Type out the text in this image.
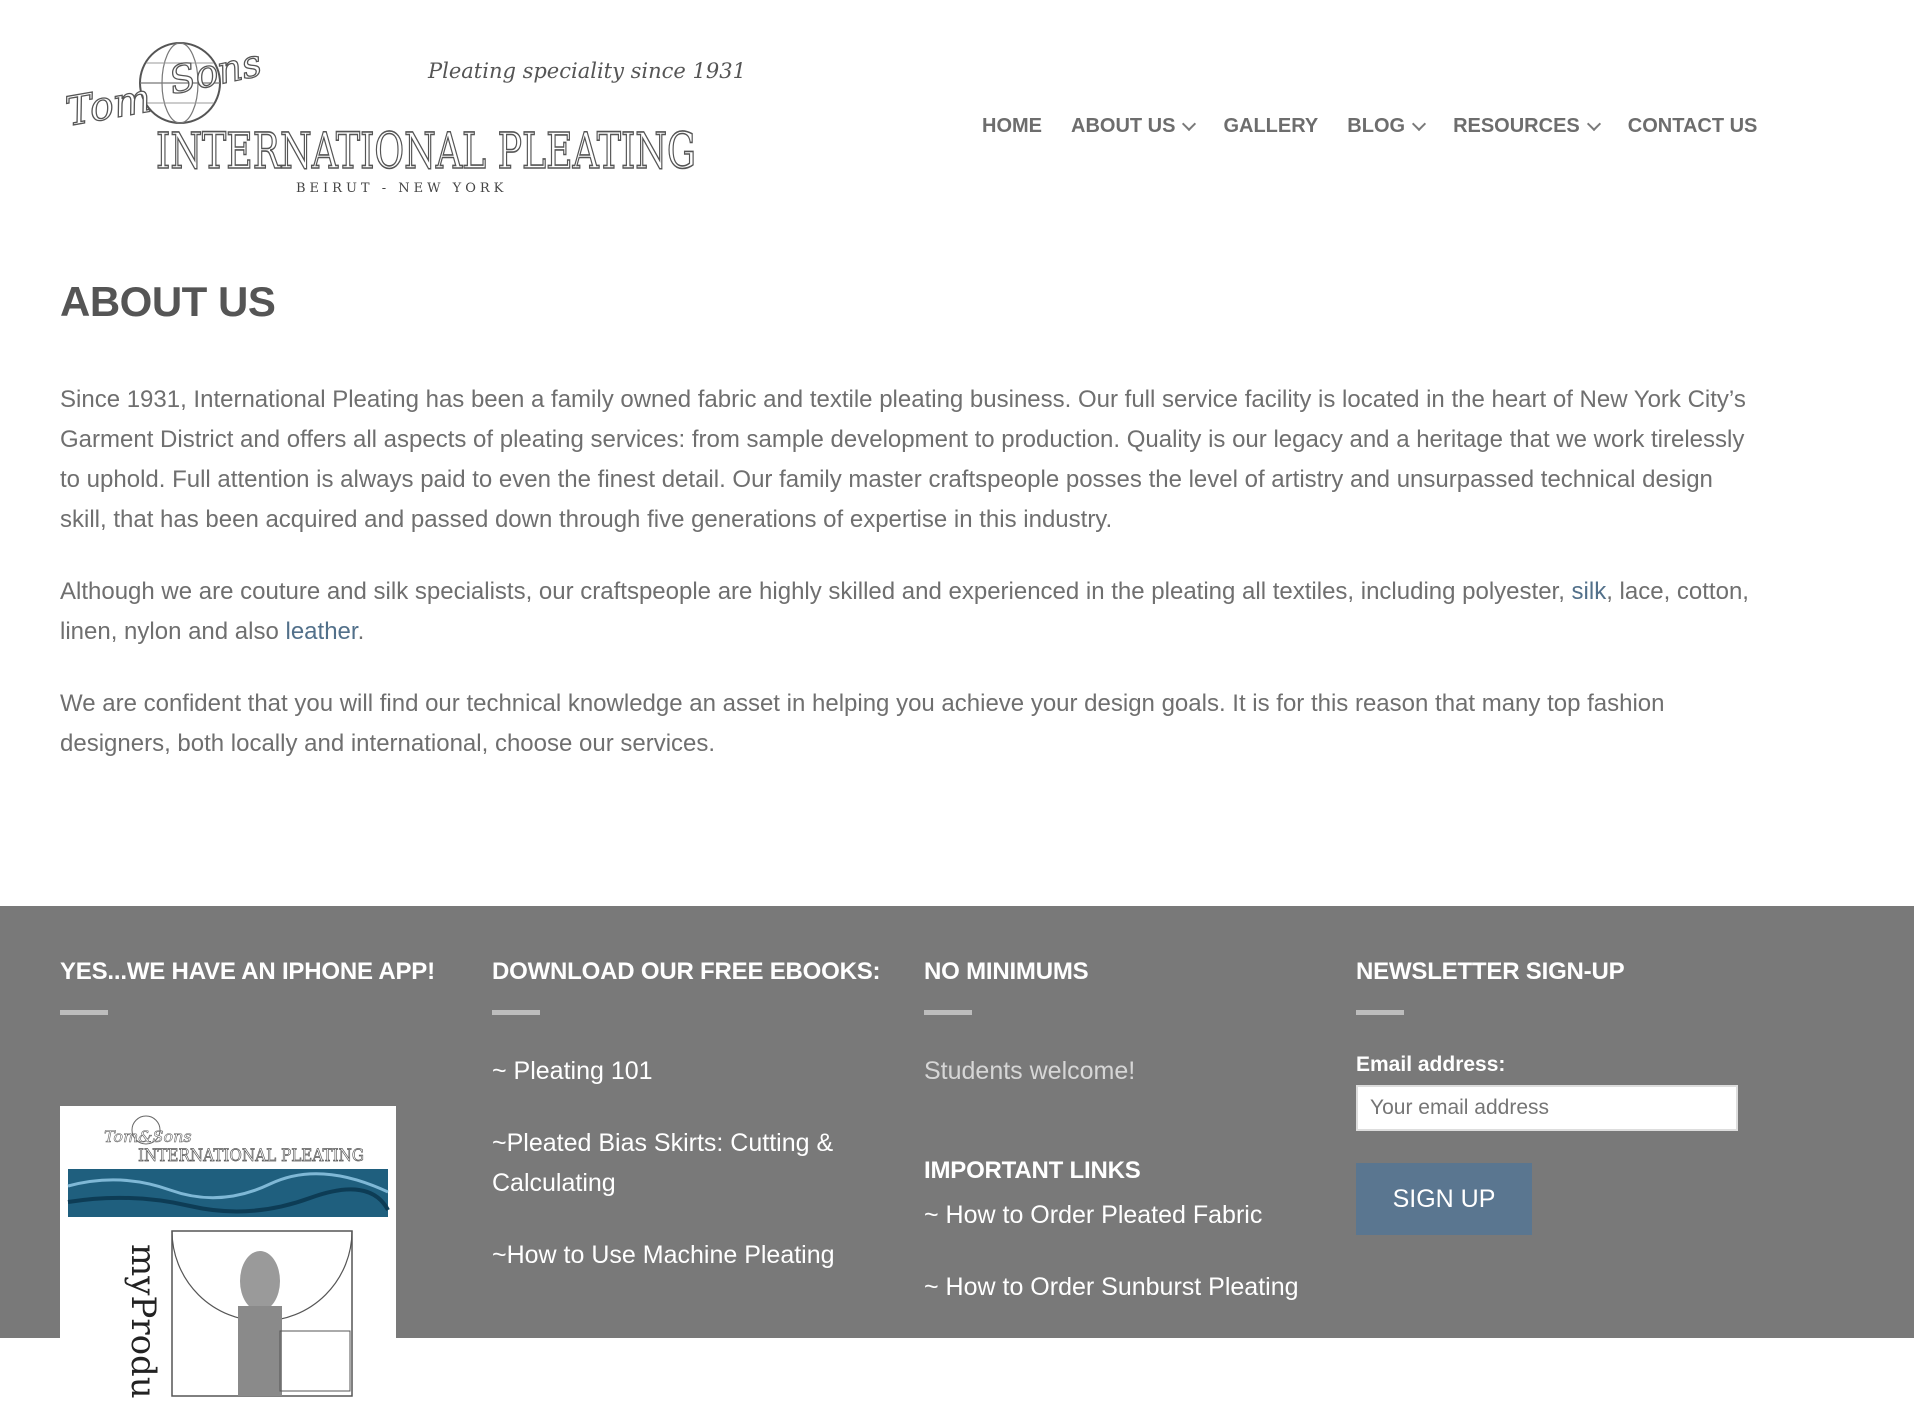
Tom
Sons	Pleating speciality since 1931
INTERNATIONAL PLEATING
BEIRUT - NEW YORK
HOME ABOUT US GALLERY BLOG RESOURCES CONTACT US
ABOUT US

Since 1931, International Pleating has been a family owned fabric and textile pleating business. Our full service facility is located in the heart of New York City’s Garment District and offers all aspects of pleating services: from sample development to production. Quality is our legacy and a heritage that we work tirelessly to uphold. Full attention is always paid to even the finest detail. Our family master craftspeople posses the level of artistry and unsurpassed technical design skill, that has been acquired and passed down through five generations of expertise in this industry.

Although we are couture and silk specialists, our craftspeople are highly skilled and experienced in the pleating all textiles, including polyester, silk, lace, cotton, linen, nylon and also leather.

We are confident that you will find our technical knowledge an asset in helping you achieve your design goals. It is for this reason that many top fashion designers, both locally and international, choose our services.

YES...WE HAVE AN IPHONE APP!
Tom&Sons
INTERNATIONAL PLEATING
myProdu
DOWNLOAD OUR FREE EBOOKS:
~ Pleating 101
~Pleated Bias Skirts: Cutting & Calculating
~How to Use Machine Pleating
NO MINIMUMS
Students welcome!
IMPORTANT LINKS
~ How to Order Pleated Fabric
~ How to Order Sunburst Pleating
NEWSLETTER SIGN-UP
Email address:
Your email address
SIGN UP
